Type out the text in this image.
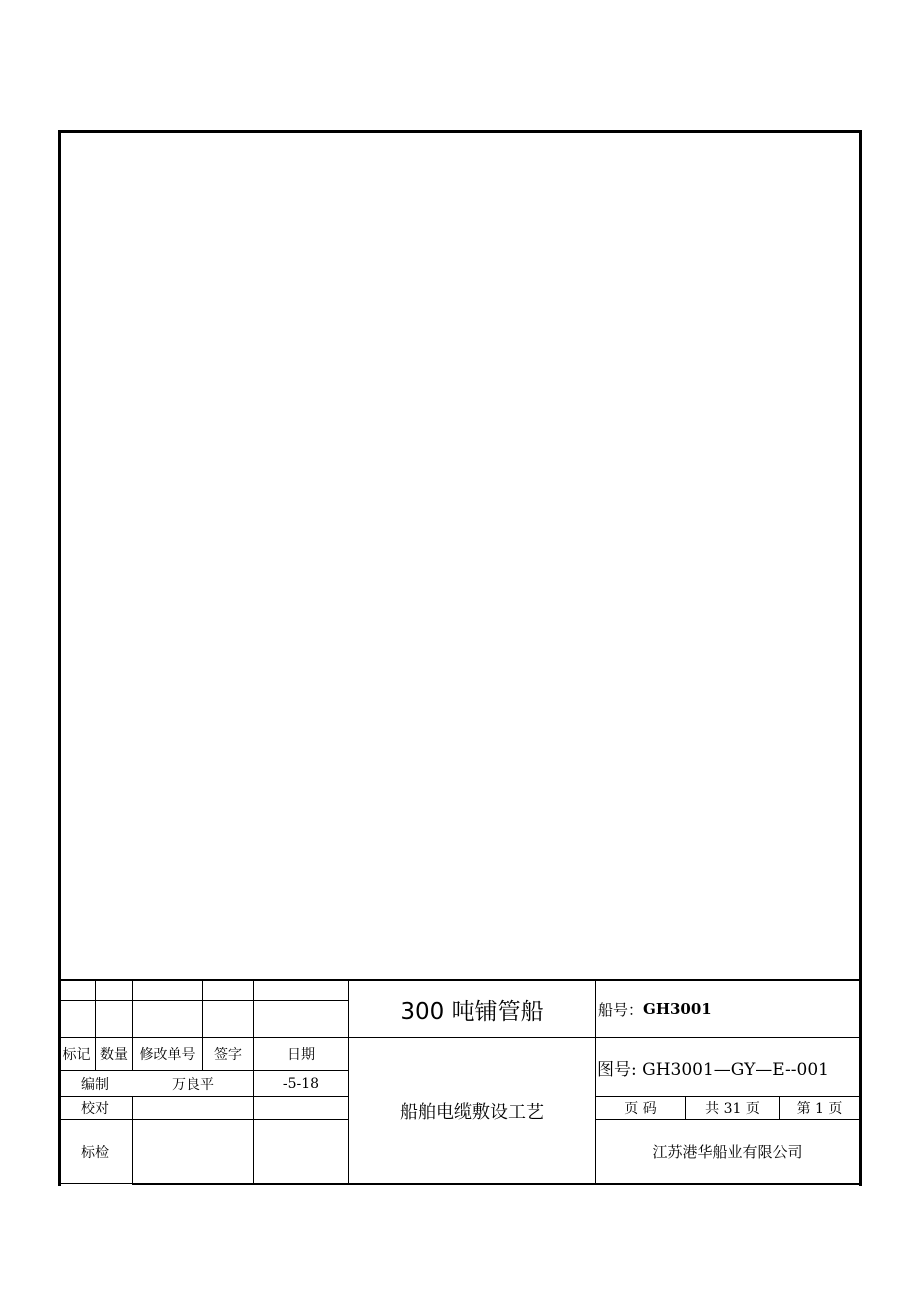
标记 数量 修改单号	签字	日期
编制	万良平	-5-18
校对
标检
300 吨铺管船	船号： GH3001
船舶电缆敷设工艺
图号: GH3001—GY—E--001
页 码	共 31 页	第 1 页
江苏港华船业有限公司
